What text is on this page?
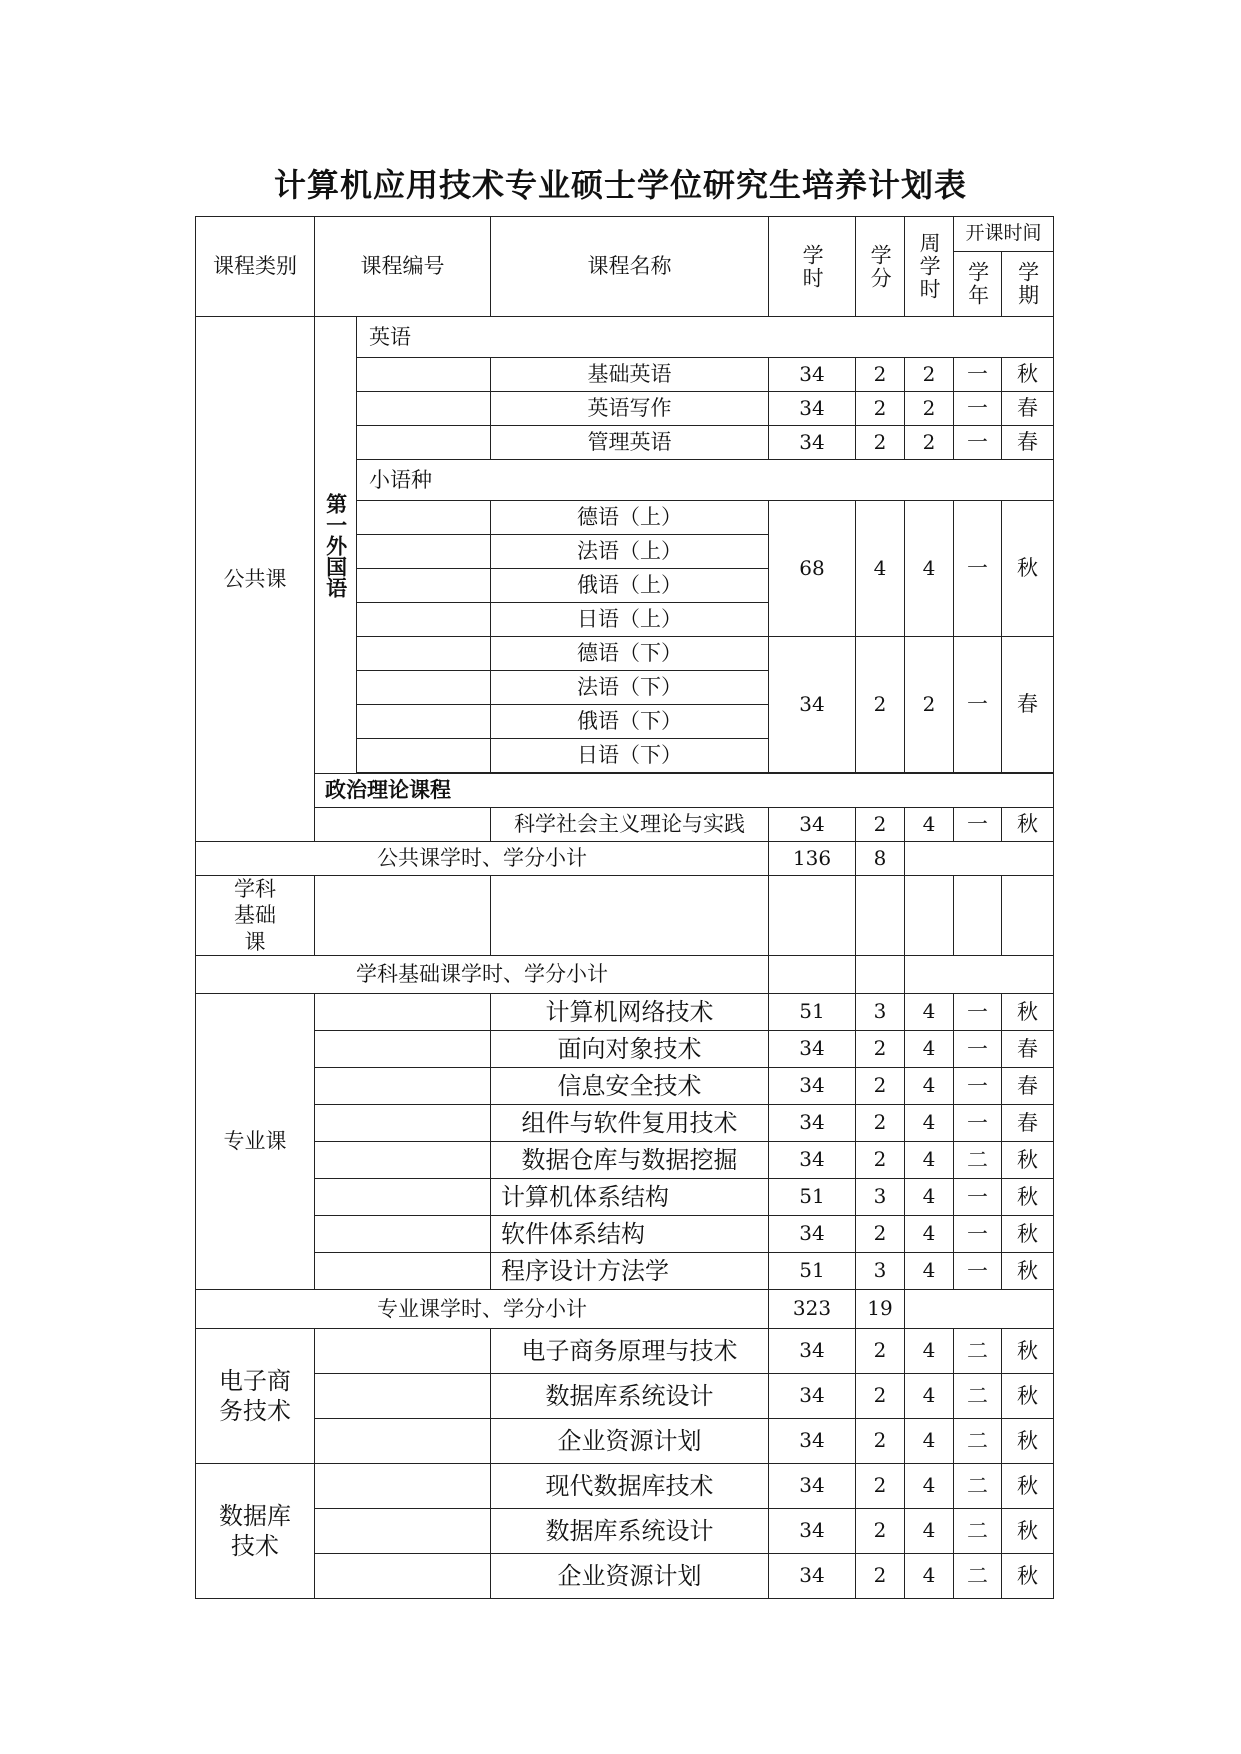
计算机应用技术专业硕士学位研究生培养计划表
课程类别	课程编号		课程名称	学时	学分	周学时	开课时间	

							学年	学期

公共课	第一外国语	英语						
			基础英语	34	2	2	一	秋
			英语写作	34	2	2	一	春
			管理英语	34	2	2	一	春
		小语种						
			德语（上）	68	4	4	一	秋
			法语（上）					
			俄语（上）					
			日语（上）					
			德语（下）	34	2	2	一	春
			法语（下）					
			俄语（下）					
			日语（下）					

	政治理论课程							
			科学社会主义理论与实践	34	2	4	一	秋
公共课学时、学分小计				136	8			

学科基础课								

学科基础课学时、学分小计								
专业课			计算机网络技术	51	3	4	一	秋
			面向对象技术	34	2	4	一	春
			信息安全技术	34	2	4	一	春
			组件与软件复用技术	34	2	4	一	春
			数据仓库与数据挖掘	34	2	4	二	秋
			计算机体系结构	51	3	4	一	秋
			软件体系结构	34	2	4	一	秋
			程序设计方法学	51	3	4	一	秋
专业课学时、学分小计				323	19			

电子商务技术			电子商务原理与技术	34	2	4	二	秋
			数据库系统设计	34	2	4	二	秋
			企业资源计划	34	2	4	二	秋

数据库技术			现代数据库技术	34	2	4	二	秋
			数据库系统设计	34	2	4	二	秋
			企业资源计划	34	2	4	二	秋
